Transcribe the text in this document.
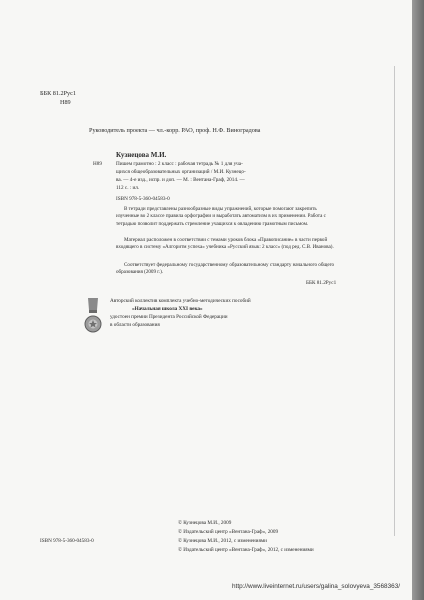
ББК 81.2Рус1
Н89
Руководитель проекта — чл.-корр. РАО, проф. Н.Ф. Виноградова
Кузнецова М.И.
Н89	Пишем грамотно : 2 класс : рабочая тетрадь № 1 для уча-
щихся общеобразовательных организаций / М.И. Кузнецо-
ва. — 4-е изд., испр. и доп. — М. : Вентана-Граф, 2014. —
112 с. : ил.
ISBN 978-5-360-04583-0
В тетради представлены разнообразные виды упражнений, которые помогают закрепить изученные во 2 классе правила орфографии и выработать автоматизм в их применении. Работа с тетрадью позволит поддержать стремление учащихся к овладению грамотным письмом.
Материал расположен в соответствии с темами уроков блока «Правописание» в части первой входящего в систему «Алгоритм успеха» учебника «Русский язык: 2 класс» (под ред. С.В. Иванова).
Соответствует федеральному государственному образовательному стандарту начального общего образования (2009 г.).
ББК 81.2Рус1
Авторский коллектив комплекта учебно-методических пособий
«Начальная школа XXI века»
удостоен премии Президента Российской Федерации
в области образования
© Кузнецова М.И., 2009
© Издательский центр «Вентана-Граф», 2009
© Кузнецова М.И., 2012, с изменениями
© Издательский центр «Вентана-Граф», 2012, с изменениями
ISBN 978-5-360-04583-0
http://www.liveinternet.ru/users/galina_solovyeva_3568363/
